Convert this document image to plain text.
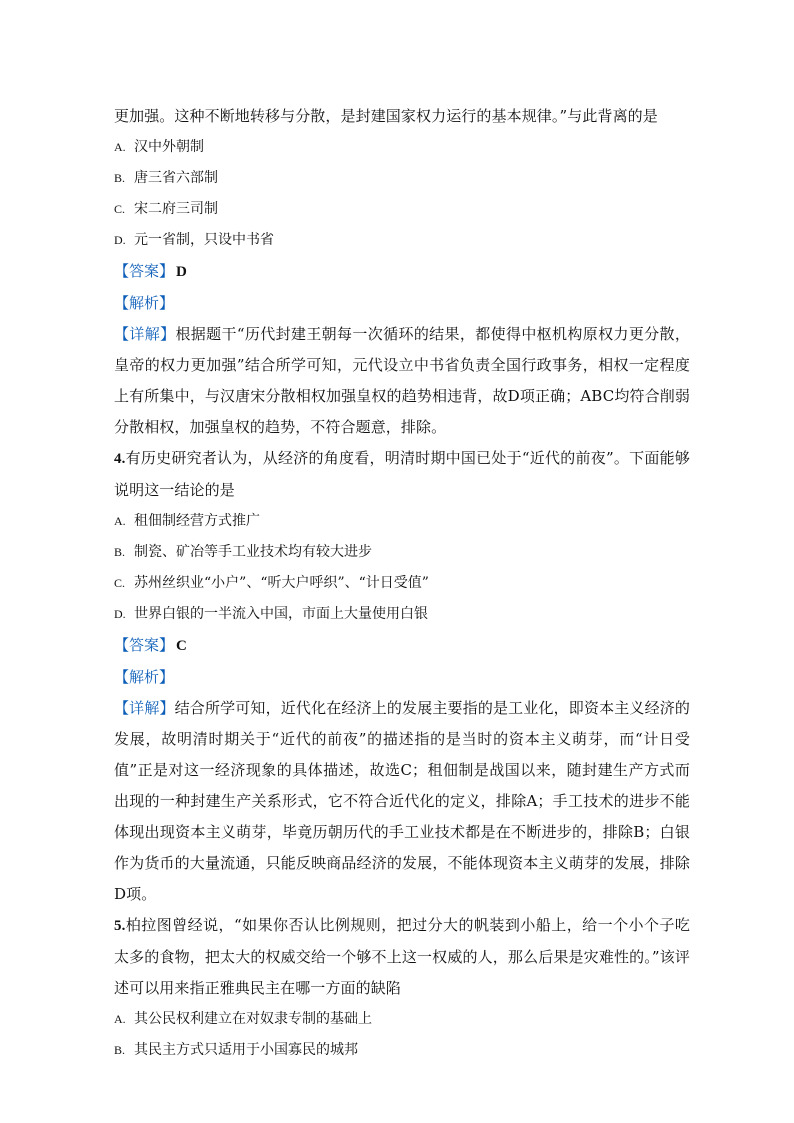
更加强。这种不断地转移与分散，是封建国家权力运行的基本规律。”与此背离的是

A. 汉中外朝制

B. 唐三省六部制

C. 宋二府三司制

D. 元一省制，只设中书省

【答案】 D

【解析】

【详解】根据题干“历代封建王朝每一次循环的结果，都使得中枢机构原权力更分散，皇帝的权力更加强”结合所学可知，元代设立中书省负责全国行政事务，相权一定程度上有所集中，与汉唐宋分散相权加强皇权的趋势相违背，故D项正确；ABC均符合削弱分散相权，加强皇权的趋势，不符合题意，排除。

4.有历史研究者认为，从经济的角度看，明清时期中国已处于“近代的前夜”。下面能够说明这一结论的是

A. 租佃制经营方式推广

B. 制瓷、矿冶等手工业技术均有较大进步

C. 苏州丝织业“小户”、“听大户呼织”、“计日受值”

D. 世界白银的一半流入中国，市面上大量使用白银

【答案】 C

【解析】

【详解】结合所学可知，近代化在经济上的发展主要指的是工业化，即资本主义经济的发展，故明清时期关于“近代的前夜”的描述指的是当时的资本主义萌芽，而“计日受值”正是对这一经济现象的具体描述，故选C；租佃制是战国以来，随封建生产方式而出现的一种封建生产关系形式，它不符合近代化的定义，排除A；手工技术的进步不能体现出现资本主义萌芽，毕竟历朝历代的手工业技术都是在不断进步的，排除B；白银作为货币的大量流通，只能反映商品经济的发展，不能体现资本主义萌芽的发展，排除D项。

5.柏拉图曾经说，“如果你否认比例规则，把过分大的帆装到小船上，给一个小个子吃太多的食物，把太大的权威交给一个够不上这一权威的人，那么后果是灾难性的。”该评述可以用来指正雅典民主在哪一方面的缺陷

A. 其公民权利建立在对奴隶专制的基础上

B. 其民主方式只适用于小国寡民的城邦
